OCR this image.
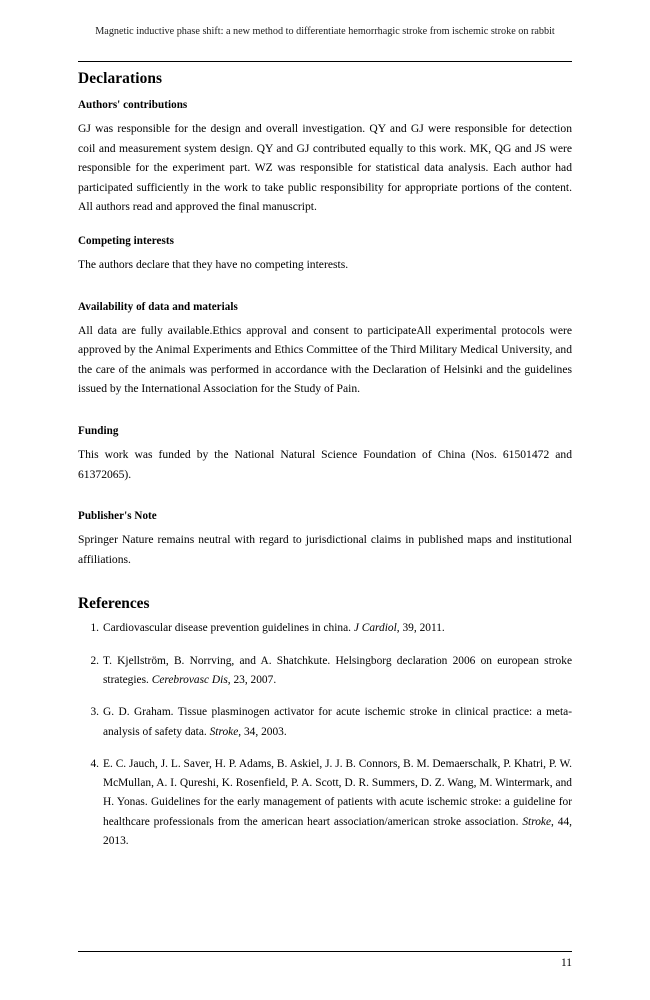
Magnetic inductive phase shift: a new method to differentiate hemorrhagic stroke from ischemic stroke on rabbit
Declarations
Authors' contributions

GJ was responsible for the design and overall investigation. QY and GJ were responsible for detection coil and measurement system design. QY and GJ contributed equally to this work. MK, QG and JS were responsible for the experiment part. WZ was responsible for statistical data analysis. Each author had participated sufficiently in the work to take public responsibility for appropriate portions of the content. All authors read and approved the final manuscript.

Competing interests

The authors declare that they have no competing interests.

Availability of data and materials

All data are fully available.Ethics approval and consent to participateAll experimental protocols were approved by the Animal Experiments and Ethics Committee of the Third Military Medical University, and the care of the animals was performed in accordance with the Declaration of Helsinki and the guidelines issued by the International Association for the Study of Pain.

Funding

This work was funded by the National Natural Science Foundation of China (Nos. 61501472 and 61372065).

Publisher's Note

Springer Nature remains neutral with regard to jurisdictional claims in published maps and institutional affiliations.

References
1. Cardiovascular disease prevention guidelines in china. J Cardiol, 39, 2011.
2. T. Kjellström, B. Norrving, and A. Shatchkute. Helsingborg declaration 2006 on european stroke strategies. Cerebrovasc Dis, 23, 2007.
3. G. D. Graham. Tissue plasminogen activator for acute ischemic stroke in clinical practice: a meta-analysis of safety data. Stroke, 34, 2003.
4. E. C. Jauch, J. L. Saver, H. P. Adams, B. Askiel, J. J. B. Connors, B. M. Demaerschalk, P. Khatri, P. W. McMullan, A. I. Qureshi, K. Rosenfield, P. A. Scott, D. R. Summers, D. Z. Wang, M. Wintermark, and H. Yonas. Guidelines for the early management of patients with acute ischemic stroke: a guideline for healthcare professionals from the american heart association/american stroke association. Stroke, 44, 2013.
11
